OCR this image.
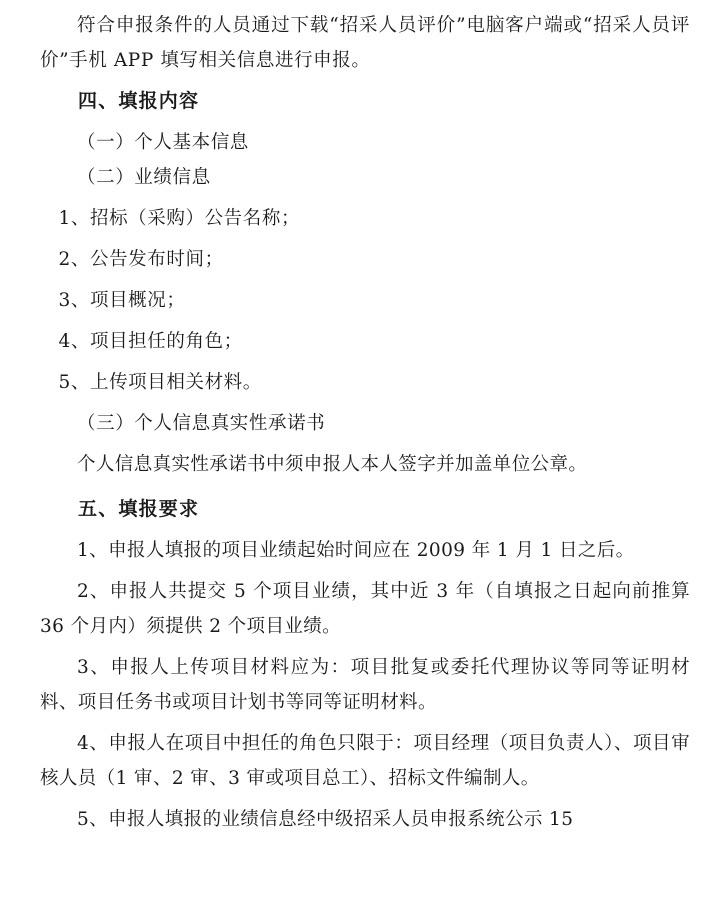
符合申报条件的人员通过下载“招采人员评价”电脑客户端或“招采人员评价”手机 APP 填写相关信息进行申报。

四、填报内容

（一）个人基本信息

（二）业绩信息

1、招标（采购）公告名称；

2、公告发布时间；

3、项目概况；

4、项目担任的角色；

5、上传项目相关材料。

（三）个人信息真实性承诺书

个人信息真实性承诺书中须申报人本人签字并加盖单位公章。

五、填报要求

1、申报人填报的项目业绩起始时间应在 2009 年 1 月 1 日之后。

2、申报人共提交 5 个项目业绩，其中近 3 年（自填报之日起向前推算 36 个月内）须提供 2 个项目业绩。

3、申报人上传项目材料应为：项目批复或委托代理协议等同等证明材料、项目任务书或项目计划书等同等证明材料。

4、申报人在项目中担任的角色只限于：项目经理（项目负责人）、项目审核人员（1 审、2 审、3 审或项目总工）、招标文件编制人。

5、申报人填报的业绩信息经中级招采人员申报系统公示 15
